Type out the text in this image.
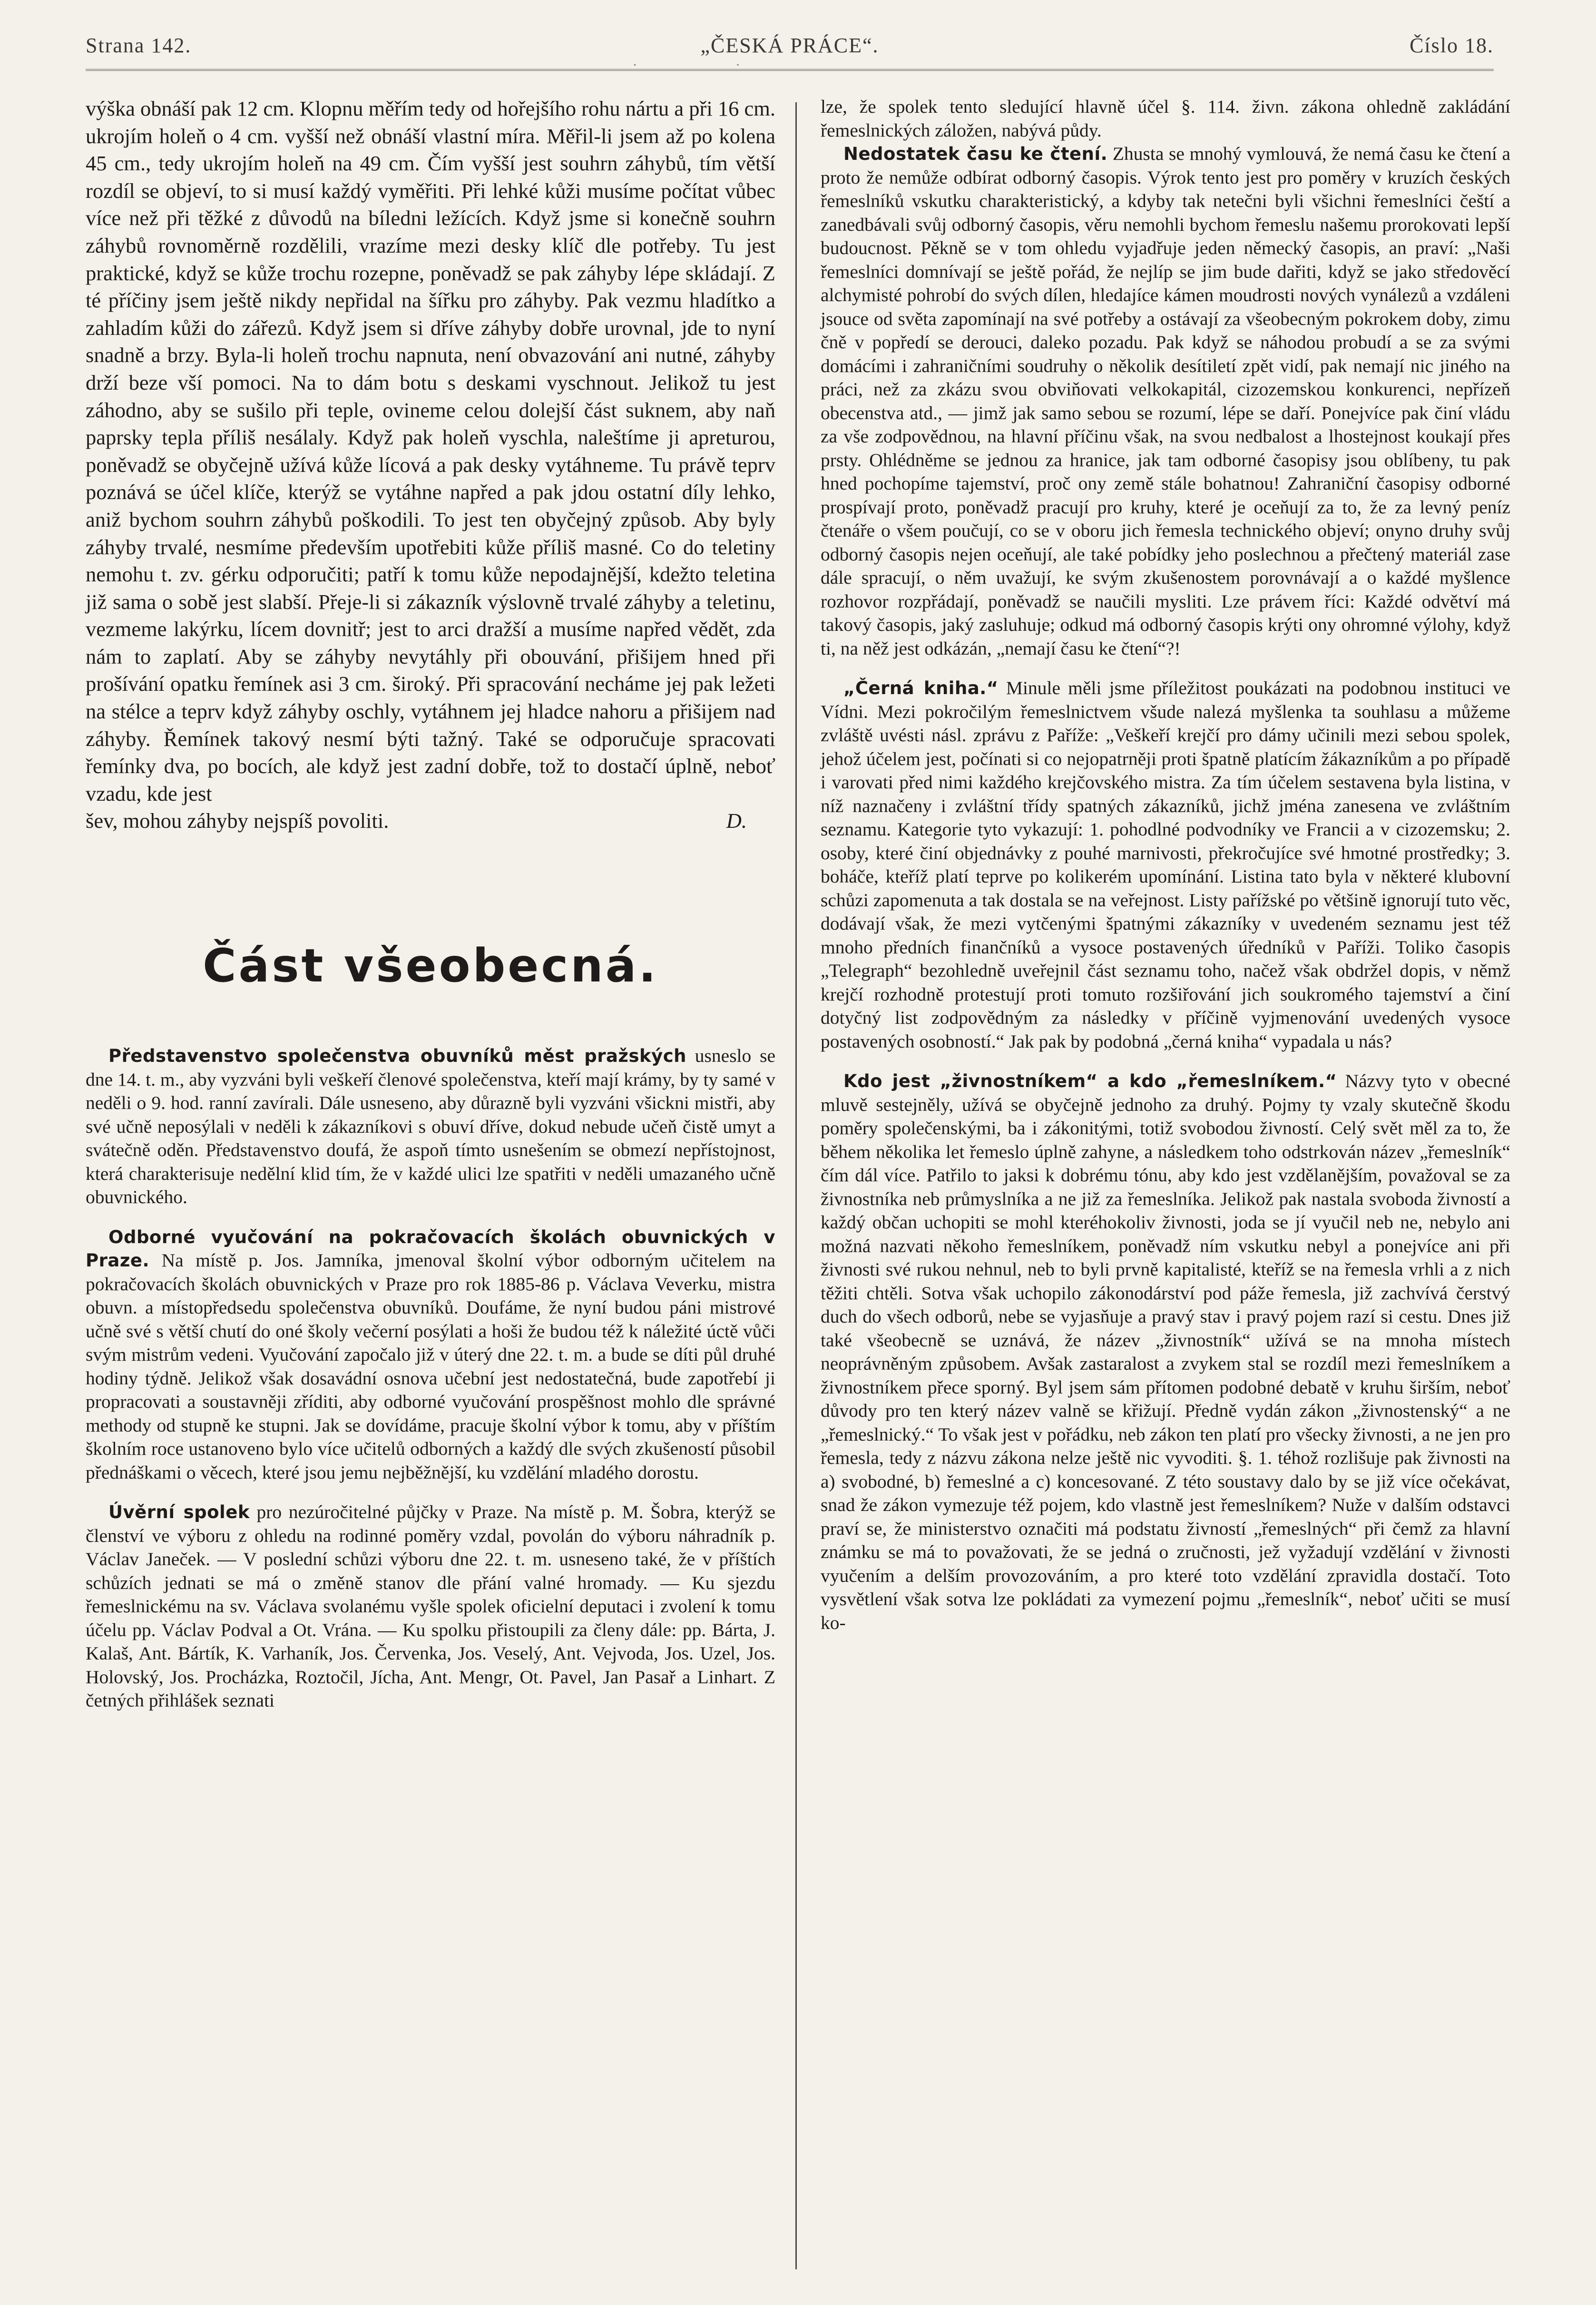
Strana 142.	„ČESKÁ PRÁCE“.	Číslo 18.
· ·

výška obnáší pak 12 cm. Klopnu měřím tedy od hořejšího rohu nártu a při 16 cm. ukrojím holeň o 4 cm. vyšší než obnáší vlastní míra. Měřil-li jsem až po kolena 45 cm., tedy ukrojím holeň na 49 cm. Čím vyšší jest souhrn záhybů, tím větší rozdíl se objeví, to si musí každý vyměřiti. Při lehké kůži musíme počítat vůbec více než při těžké z důvodů na bíledni ležících. Když jsme si konečně souhrn záhybů rovnoměrně rozdělili, vrazíme mezi desky klíč dle potřeby. Tu jest praktické, když se kůže trochu rozepne, poněvadž se pak záhyby lépe skládají. Z té příčiny jsem ještě nikdy nepřidal na šířku pro záhyby. Pak vezmu hladítko a zahladím kůži do zářezů. Když jsem si dříve záhyby dobře urovnal, jde to nyní snadně a brzy. Byla-li holeň trochu napnuta, není obvazování ani nutné, záhyby drží beze vší pomoci. Na to dám botu s deskami vyschnout. Jelikož tu jest záhodno, aby se sušilo při teple, ovineme celou dolejší část suknem, aby naň paprsky tepla příliš nesálaly. Když pak holeň vyschla, naleštíme ji apreturou, poněvadž se obyčejně užívá kůže lícová a pak desky vytáhneme. Tu právě teprv poznává se účel klíče, kterýž se vytáhne napřed a pak jdou ostatní díly lehko, aniž bychom souhrn záhybů poškodili. To jest ten obyčejný způsob. Aby byly záhyby trvalé, nesmíme především upotřebiti kůže příliš masné. Co do teletiny nemohu t. zv. gérku odporučiti; patří k tomu kůže nepodajnější, kdežto teletina již sama o sobě jest slabší. Přeje-li si zákazník výslovně trvalé záhyby a teletinu, vezmeme lakýrku, lícem dovnitř; jest to arci dražší a musíme napřed vědět, zda nám to zaplatí. Aby se záhyby nevytáhly při obouvání, přišijem hned při prošívání opatku řemínek asi 3 cm. široký. Při spracování necháme jej pak ležeti na stélce a teprv když záhyby oschly, vytáhnem jej hladce nahoru a přišijem nad záhyby. Řemínek takový nesmí býti tažný. Také se odporučuje spracovati řemínky dva, po bocích, ale když jest zadní dobře, tož to dostačí úplně, neboť vzadu, kde jest

šev, mohou záhyby nejspíš povoliti.	D.
Část všeobecná.

Představenstvo společenstva obuvníků měst pražských usneslo se dne 14. t. m., aby vyzváni byli veškeří členové společenstva, kteří mají krámy, by ty samé v neděli o 9. hod. ranní zavírali. Dále usneseno, aby důrazně byli vyzváni všickni mistři, aby své učně neposýlali v neděli k zákazníkovi s obuví dříve, dokud nebude učeň čistě umyt a svátečně oděn. Představenstvo doufá, že aspoň tímto usnešením se obmezí nepřístojnost, která charakterisuje nedělní klid tím, že v každé ulici lze spatřiti v neděli umazaného učně obuvnického.

Odborné vyučování na pokračovacích školách obuvnických v Praze. Na místě p. Jos. Jamníka, jmenoval školní výbor odborným učitelem na pokračovacích školách obuvnických v Praze pro rok 1885-86 p. Václava Veverku, mistra obuvn. a místopředsedu společenstva obuvníků. Doufáme, že nyní budou páni mistrové učně své s větší chutí do oné školy večerní posýlati a hoši že budou též k náležité úctě vůči svým mistrům vedeni. Vyučování započalo již v úterý dne 22. t. m. a bude se díti půl druhé hodiny týdně. Jelikož však dosavádní osnova učební jest nedostatečná, bude zapotřebí ji propracovati a soustavněji zříditi, aby odborné vyučování prospěšnost mohlo dle správné methody od stupně ke stupni. Jak se dovídáme, pracuje školní výbor k tomu, aby v příštím školním roce ustanoveno bylo více učitelů odborných a každý dle svých zkušeností působil přednáškami o věcech, které jsou jemu nejběžnější, ku vzdělání mladého dorostu.

Úvěrní spolek pro nezúročitelné půjčky v Praze. Na místě p. M. Šobra, kterýž se členství ve výboru z ohledu na rodinné poměry vzdal, povolán do výboru náhradník p. Václav Janeček. — V poslední schůzi výboru dne 22. t. m. usneseno také, že v příštích schůzích jednati se má o změně stanov dle přání valné hromady. — Ku sjezdu řemeslnickému na sv. Václava svolanému vyšle spolek oficielní deputaci i zvolení k tomu účelu pp. Václav Podval a Ot. Vrána. — Ku spolku přistoupili za členy dále: pp. Bárta, J. Kalaš, Ant. Bártík, K. Varhaník, Jos. Červenka, Jos. Veselý, Ant. Vejvoda, Jos. Uzel, Jos. Holovský, Jos. Procházka, Roztočil, Jícha, Ant. Mengr, Ot. Pavel, Jan Pasař a Linhart. Z četných přihlášek seznati

lze, že spolek tento sledující hlavně účel §. 114. živn. zákona ohledně zakládání řemeslnických záložen, nabývá půdy.

Nedostatek času ke čtení. Zhusta se mnohý vymlouvá, že nemá času ke čtení a proto že nemůže odbírat odborný časopis. Výrok tento jest pro poměry v kruzích českých řemeslníků vskutku charakteristický, a kdyby tak netečni byli všichni řemeslníci čeští a zanedbávali svůj odborný časopis, věru nemohli bychom řemeslu našemu prorokovati lepší budoucnost. Pěkně se v tom ohledu vyjadřuje jeden německý časopis, an praví: „Naši řemeslníci domnívají se ještě pořád, že nejlíp se jim bude dařiti, když se jako středověcí alchymisté pohrobí do svých dílen, hledajíce kámen moudrosti nových vynálezů a vzdáleni jsouce od světa zapomínají na své potřeby a ostávají za všeobecným pokrokem doby, zimu čně v popředí se derouci, daleko pozadu. Pak když se náhodou probudí a se za svými domácími i zahraničními soudruhy o několik desítiletí zpět vidí, pak nemají nic jiného na práci, než za zkázu svou obviňovati velkokapitál, cizozemskou konkurenci, nepřízeň obecenstva atd., — jimž jak samo sebou se rozumí, lépe se daří. Ponejvíce pak činí vládu za vše zodpovědnou, na hlavní příčinu však, na svou nedbalost a lhostejnost koukají přes prsty. Ohlédněme se jednou za hranice, jak tam odborné časopisy jsou oblíbeny, tu pak hned pochopíme tajemství, proč ony země stále bohatnou! Zahraniční časopisy odborné prospívají proto, poněvadž pracují pro kruhy, které je oceňují za to, že za levný peníz čtenáře o všem poučují, co se v oboru jich řemesla technického objeví; onyno druhy svůj odborný časopis nejen oceňují, ale také pobídky jeho poslechnou a přečtený materiál zase dále spracují, o něm uvažují, ke svým zkušenostem porovnávají a o každé myšlence rozhovor rozpřádají, poněvadž se naučili mysliti. Lze právem říci: Každé odvětví má takový časopis, jaký zasluhuje; odkud má odborný časopis krýti ony ohromné výlohy, když ti, na něž jest odkázán, „nemají času ke čtení“?!

„Černá kniha.“ Minule měli jsme příležitost poukázati na podobnou instituci ve Vídni. Mezi pokročilým řemeslnictvem všude nalezá myšlenka ta souhlasu a můžeme zvláště uvésti násl. zprávu z Paříže: „Veškeří krejčí pro dámy učinili mezi sebou spolek, jehož účelem jest, počínati si co nejopatrněji proti špatně platícím žákazníkům a po případě i varovati před nimi každého krejčovského mistra. Za tím účelem sestavena byla listina, v níž naznačeny i zvláštní třídy spatných zákazníků, jichž jména zanesena ve zvláštním seznamu. Kategorie tyto vykazují: 1. pohodlné podvodníky ve Francii a v cizozemsku; 2. osoby, které činí objednávky z pouhé marnivosti, překročujíce své hmotné prostředky; 3. boháče, kteříž platí teprve po kolikerém upomínání. Listina tato byla v některé klubovní schůzi zapomenuta a tak dostala se na veřejnost. Listy pařížské po většině ignorují tuto věc, dodávají však, že mezi vytčenými špatnými zákazníky v uvedeném seznamu jest též mnoho předních finančníků a vysoce postavených úředníků v Paříži. Toliko časopis „Telegraph“ bezohledně uveřejnil část seznamu toho, načež však obdržel dopis, v němž krejčí rozhodně protestují proti tomuto rozšiřování jich soukromého tajemství a činí dotyčný list zodpovědným za následky v příčině vyjmenování uvedených vysoce postavených osobností.“ Jak pak by podobná „černá kniha“ vypadala u nás?

Kdo jest „živnostníkem“ a kdo „řemeslníkem.“ Názvy tyto v obecné mluvě sestejněly, užívá se obyčejně jednoho za druhý. Pojmy ty vzaly skutečně škodu poměry společenskými, ba i zákonitými, totiž svobodou živností. Celý svět měl za to, že během několika let řemeslo úplně zahyne, a následkem toho odstrkován název „řemeslník“ čím dál více. Patřilo to jaksi k dobrému tónu, aby kdo jest vzdělanějším, považoval se za živnostníka neb průmyslníka a ne již za řemeslníka. Jelikož pak nastala svoboda živností a každý občan uchopiti se mohl kteréhokoliv živnosti, joda se jí vyučil neb ne, nebylo ani možná nazvati někoho řemeslníkem, poněvadž ním vskutku nebyl a ponejvíce ani při živnosti své rukou nehnul, neb to byli prvně kapitalisté, kteříž se na řemesla vrhli a z nich těžiti chtěli. Sotva však uchopilo zákonodárství pod páže řemesla, již zachvívá čerstvý duch do všech odborů, nebe se vyjasňuje a pravý stav i pravý pojem razí si cestu. Dnes již také všeobecně se uznává, že název „živnostník“ užívá se na mnoha místech neoprávněným způsobem. Avšak zastaralost a zvykem stal se rozdíl mezi řemeslníkem a živnostníkem přece sporný. Byl jsem sám přítomen podobné debatě v kruhu širším, neboť důvody pro ten který název valně se křižují. Předně vydán zákon „živnostenský“ a ne „řemeslnický.“ To však jest v pořádku, neb zákon ten platí pro všecky živnosti, a ne jen pro řemesla, tedy z názvu zákona nelze ještě nic vyvoditi. §. 1. téhož rozlišuje pak živnosti na a) svobodné, b) řemeslné a c) koncesované. Z této soustavy dalo by se již více očekávat, snad že zákon vymezuje též pojem, kdo vlastně jest řemeslníkem? Nuže v dalším odstavci praví se, že ministerstvo označiti má podstatu živností „řemeslných“ při čemž za hlavní známku se má to považovati, že se jedná o zručnosti, jež vyžadují vzdělání v živnosti vyučením a delším provozováním, a pro které toto vzdělání zpravidla dostačí. Toto vysvětlení však sotva lze pokládati za vymezení pojmu „řemeslník“, neboť učiti se musí ko-
